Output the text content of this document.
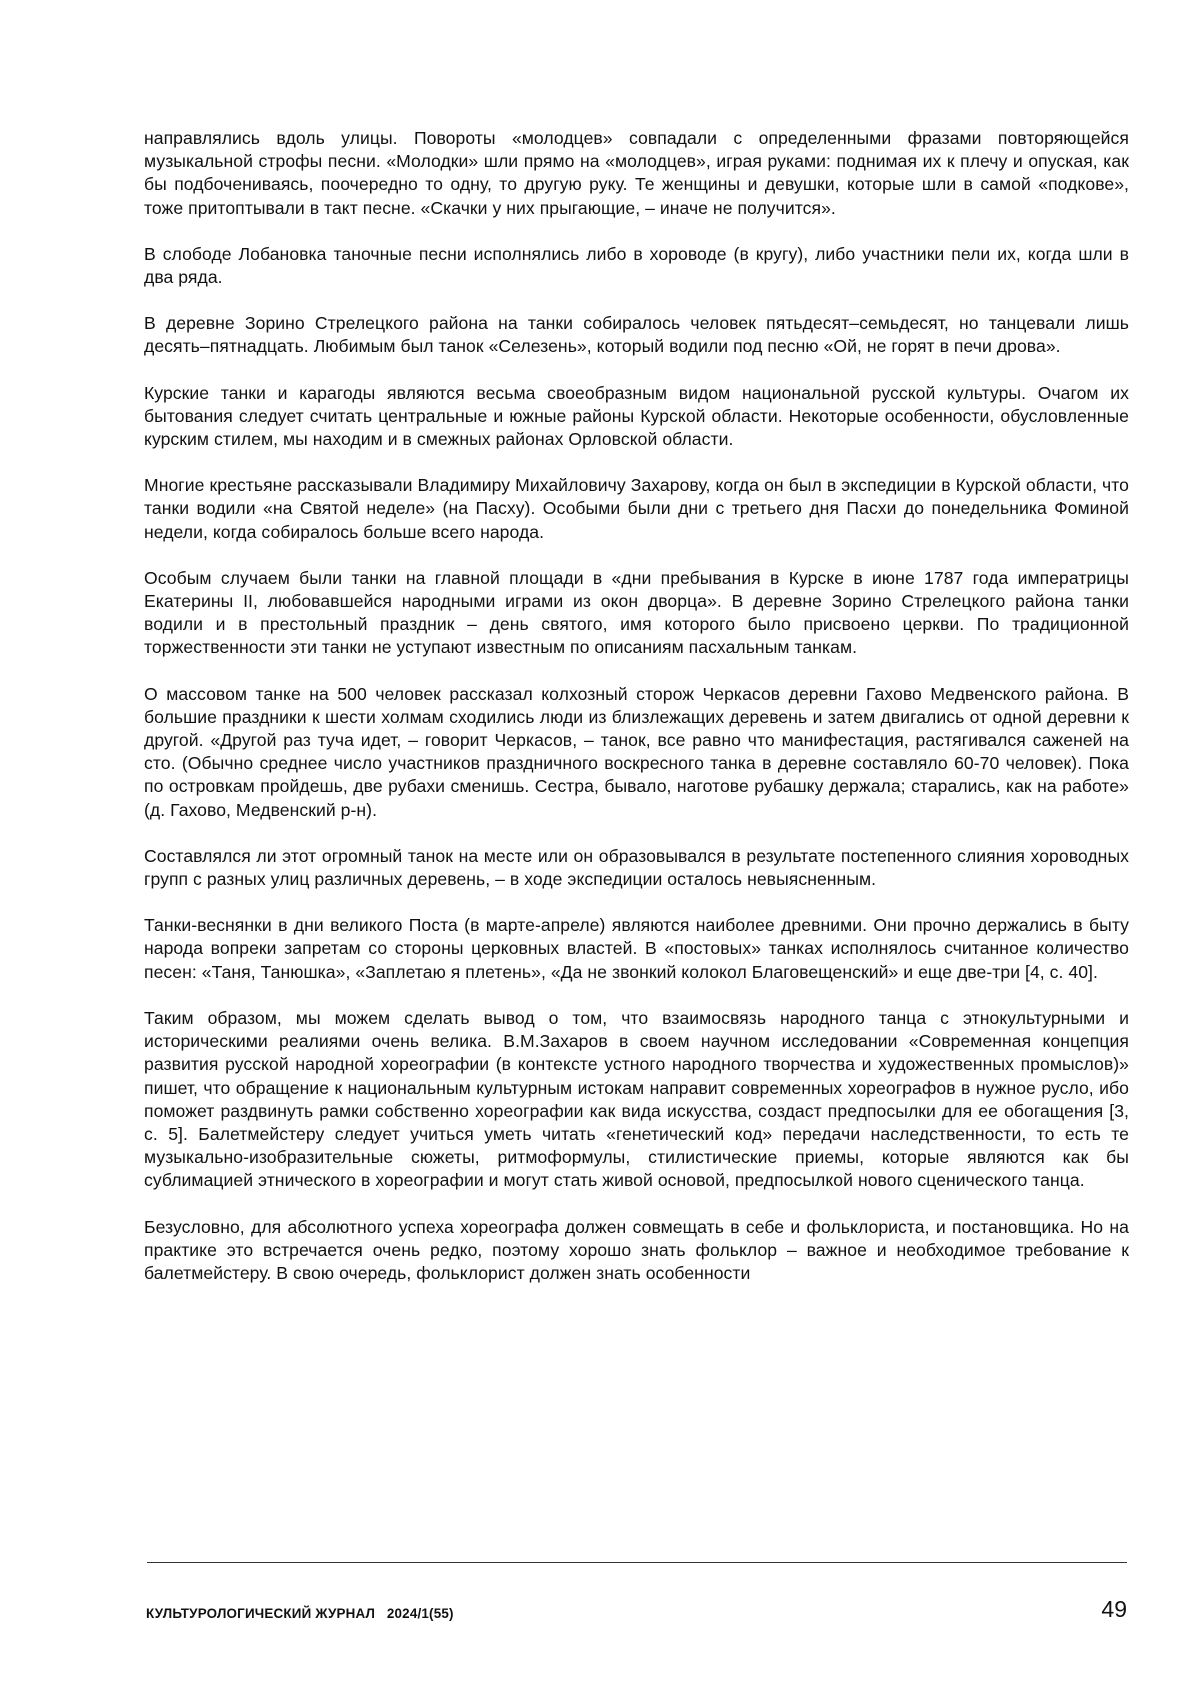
направлялись вдоль улицы. Повороты «молодцев» совпадали с определенными фразами повторяющейся музыкальной строфы песни. «Молодки» шли прямо на «молодцев», играя руками: поднимая их к плечу и опуская, как бы подбочениваясь, поочередно то одну, то другую руку. Те женщины и девушки, которые шли в самой «подкове», тоже притоптывали в такт песне. «Скачки у них прыгающие, – иначе не получится».

В слободе Лобановка таночные песни исполнялись либо в хороводе (в кругу), либо участники пели их, когда шли в два ряда.

В деревне Зорино Стрелецкого района на танки собиралось человек пятьдесят–семьдесят, но танцевали лишь десять–пятнадцать. Любимым был танок «Селезень», который водили под песню «Ой, не горят в печи дрова».

Курские танки и карагоды являются весьма своеобразным видом национальной русской культуры. Очагом их бытования следует считать центральные и южные районы Курской области. Некоторые особенности, обусловленные курским стилем, мы находим и в смежных районах Орловской области.

Многие крестьяне рассказывали Владимиру Михайловичу Захарову, когда он был в экспедиции в Курской области, что танки водили «на Святой неделе» (на Пасху). Особыми были дни с третьего дня Пасхи до понедельника Фоминой недели, когда собиралось больше всего народа.

Особым случаем были танки на главной площади в «дни пребывания в Курске в июне 1787 года императрицы Екатерины II, любовавшейся народными играми из окон дворца». В деревне Зорино Стрелецкого района танки водили и в престольный праздник – день святого, имя которого было присвоено церкви. По традиционной торжественности эти танки не уступают известным по описаниям пасхальным танкам.

О массовом танке на 500 человек рассказал колхозный сторож Черкасов деревни Гахово Медвенского района. В большие праздники к шести холмам сходились люди из близлежащих деревень и затем двигались от одной деревни к другой. «Другой раз туча идет, – говорит Черкасов, – танок, все равно что манифестация, растягивался саженей на сто. (Обычно среднее число участников праздничного воскресного танка в деревне составляло 60-70 человек). Пока по островкам пройдешь, две рубахи сменишь. Сестра, бывало, наготове рубашку держала; старались, как на работе» (д. Гахово, Медвенский р-н).

Составлялся ли этот огромный танок на месте или он образовывался в результате постепенного слияния хороводных групп с разных улиц различных деревень, – в ходе экспедиции осталось невыясненным.

Танки-веснянки в дни великого Поста (в марте-апреле) являются наиболее древними. Они прочно держались в быту народа вопреки запретам со стороны церковных властей. В «постовых» танках исполнялось считанное количество песен: «Таня, Танюшка», «Заплетаю я плетень», «Да не звонкий колокол Благовещенский» и еще две-три [4, с. 40].

Таким образом, мы можем сделать вывод о том, что взаимосвязь народного танца с этнокультурными и историческими реалиями очень велика. В.М.Захаров в своем научном исследовании «Современная концепция развития русской народной хореографии (в контексте устного народного творчества и художественных промыслов)» пишет, что обращение к национальным культурным истокам направит современных хореографов в нужное русло, ибо поможет раздвинуть рамки собственно хореографии как вида искусства, создаст предпосылки для ее обогащения [3, с. 5]. Балетмейстеру следует учиться уметь читать «генетический код» передачи наследственности, то есть те музыкально-изобразительные сюжеты, ритмоформулы, стилистические приемы, которые являются как бы сублимацией этнического в хореографии и могут стать живой основой, предпосылкой нового сценического танца.

Безусловно, для абсолютного успеха хореографа должен совмещать в себе и фольклориста, и постановщика. Но на практике это встречается очень редко, поэтому хорошо знать фольклор – важное и необходимое требование к балетмейстеру. В свою очередь, фольклорист должен знать особенности

КУЛЬТУРОЛОГИЧЕСКИЙ ЖУРНАЛ 2024/1(55)	49
